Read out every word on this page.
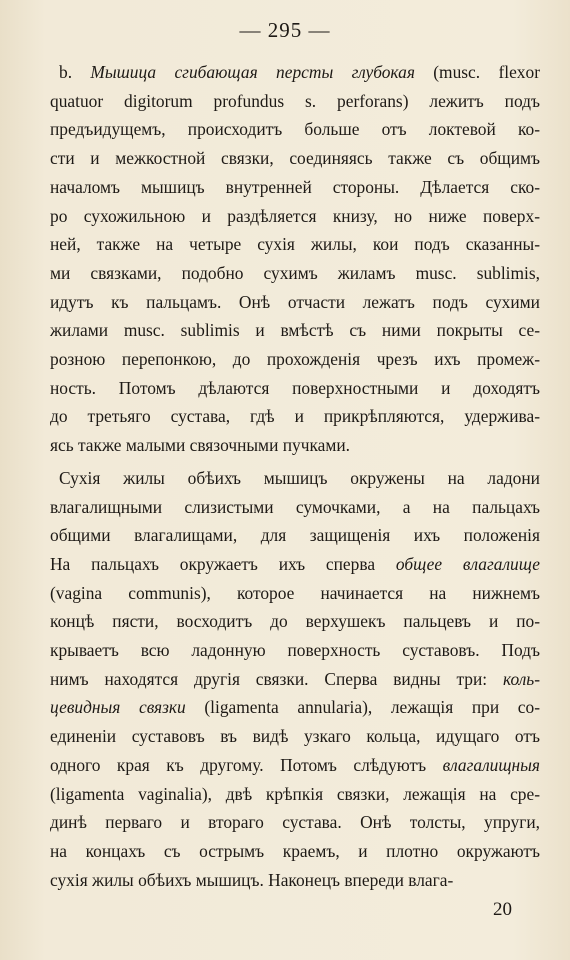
— 295 —

b. Мышица сгибающая персты глубокая (musc. flexor
quatuor digitorum profundus s. perforans) лежитъ подъ
предъидущемъ, происходитъ больше отъ локтевой ко-
сти и межкостной связки, соединяясь также съ общимъ
началомъ мышицъ внутренней стороны. Дѣлается ско-
ро сухожильною и раздѣляется книзу, но ниже поверх-
ней, также на четыре сухія жилы, кои подъ сказанны-
ми связками, подобно сухимъ жиламъ musc. sublimis,
идутъ къ пальцамъ. Онѣ отчасти лежатъ подъ сухими
жилами musc. sublimis и вмѣстѣ съ ними покрыты се-
розною перепонкою, до прохожденія чрезъ ихъ промеж-
ность. Потомъ дѣлаются поверхностными и доходятъ
до третьяго сустава, гдѣ и прикрѣпляются, удержива-
ясь также малыми связочными пучками.

Сухія жилы обѣихъ мышицъ окружены на ладони
влагалищными слизистыми сумочками, а на пальцахъ
общими влагалищами, для защищенія ихъ положенія
На пальцахъ окружаетъ ихъ сперва общее влагалище
(vagina communis), которое начинается на нижнемъ
концѣ пясти, восходитъ до верхушекъ пальцевъ и по-
крываетъ всю ладонную поверхность суставовъ. Подъ
нимъ находятся другія связки. Сперва видны три: коль-
цевидныя связки (ligamenta annularia), лежащія при со-
единеніи суставовъ въ видѣ узкаго кольца, идущаго отъ
одного края къ другому. Потомъ слѣдуютъ влагалищныя
(ligamenta vaginalia), двѣ крѣпкія связки, лежащія на сре-
динѣ перваго и втораго сустава. Онѣ толсты, упруги,
на концахъ съ острымъ краемъ, и плотно окружаютъ
сухія жилы обѣихъ мышицъ. Наконецъ впереди влага-

20
